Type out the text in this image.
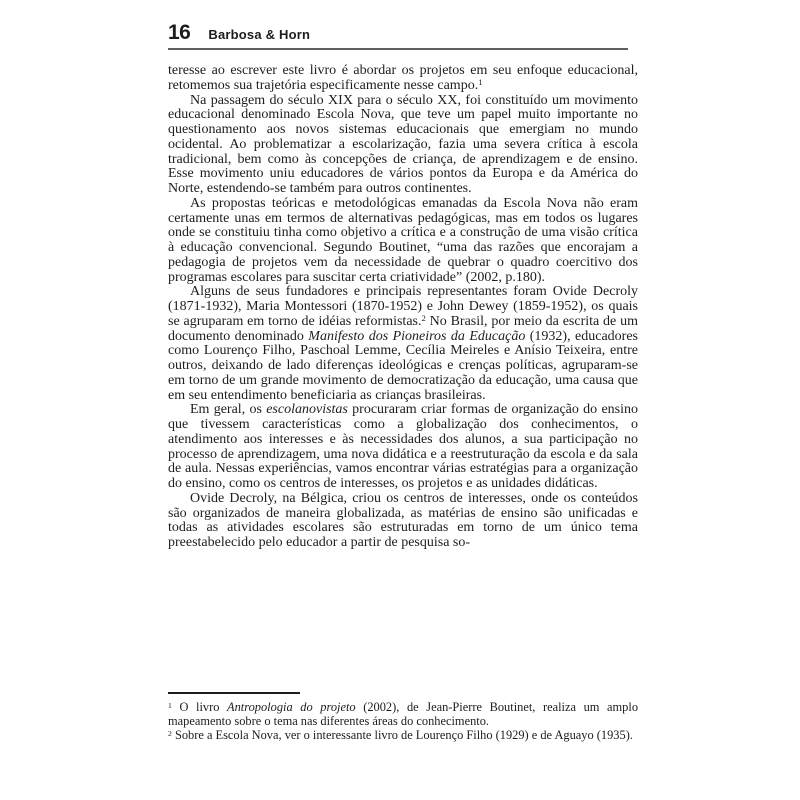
16 Barbosa & Horn

teresse ao escrever este livro é abordar os projetos em seu enfoque educacional, retomemos sua trajetória especificamente nesse campo.$^1$

Na passagem do século XIX para o século XX, foi constituído um movimento educacional denominado Escola Nova, que teve um papel muito importante no questionamento aos novos sistemas educacionais que emergiam no mundo ocidental. Ao problematizar a escolarização, fazia uma severa crítica à escola tradicional, bem como às concepções de criança, de aprendizagem e de ensino. Esse movimento uniu educadores de vários pontos da Europa e da América do Norte, estendendo-se também para outros continentes.

As propostas teóricas e metodológicas emanadas da Escola Nova não eram certamente unas em termos de alternativas pedagógicas, mas em todos os lugares onde se constituiu tinha como objetivo a crítica e a construção de uma visão crítica à educação convencional. Segundo Boutinet, “uma das razões que encorajam a pedagogia de projetos vem da necessidade de quebrar o quadro coercitivo dos programas escolares para suscitar certa criatividade” (2002, p.180).

Alguns de seus fundadores e principais representantes foram Ovide Decroly (1871-1932), Maria Montessori (1870-1952) e John Dewey (1859-1952), os quais se agruparam em torno de idéias reformistas.$^2$ No Brasil, por meio da escrita de um documento denominado Manifesto dos Pioneiros da Educação (1932), educadores como Lourenço Filho, Paschoal Lemme, Cecília Meireles e Anísio Teixeira, entre outros, deixando de lado diferenças ideológicas e crenças políticas, agruparam-se em torno de um grande movimento de democratização da educação, uma causa que em seu entendimento beneficiaria as crianças brasileiras.

Em geral, os escolanovistas procuraram criar formas de organização do ensino que tivessem características como a globalização dos conhecimentos, o atendimento aos interesses e às necessidades dos alunos, a sua participação no processo de aprendizagem, uma nova didática e a reestruturação da escola e da sala de aula. Nessas experiências, vamos encontrar várias estratégias para a organização do ensino, como os centros de interesses, os projetos e as unidades didáticas.

Ovide Decroly, na Bélgica, criou os centros de interesses, onde os conteúdos são organizados de maneira globalizada, as matérias de ensino são unificadas e todas as atividades escolares são estruturadas em torno de um único tema preestabelecido pelo educador a partir de pesquisa so-

$^1$ O livro Antropologia do projeto (2002), de Jean-Pierre Boutinet, realiza um amplo mapeamento sobre o tema nas diferentes áreas do conhecimento.

$^2$ Sobre a Escola Nova, ver o interessante livro de Lourenço Filho (1929) e de Aguayo (1935).
